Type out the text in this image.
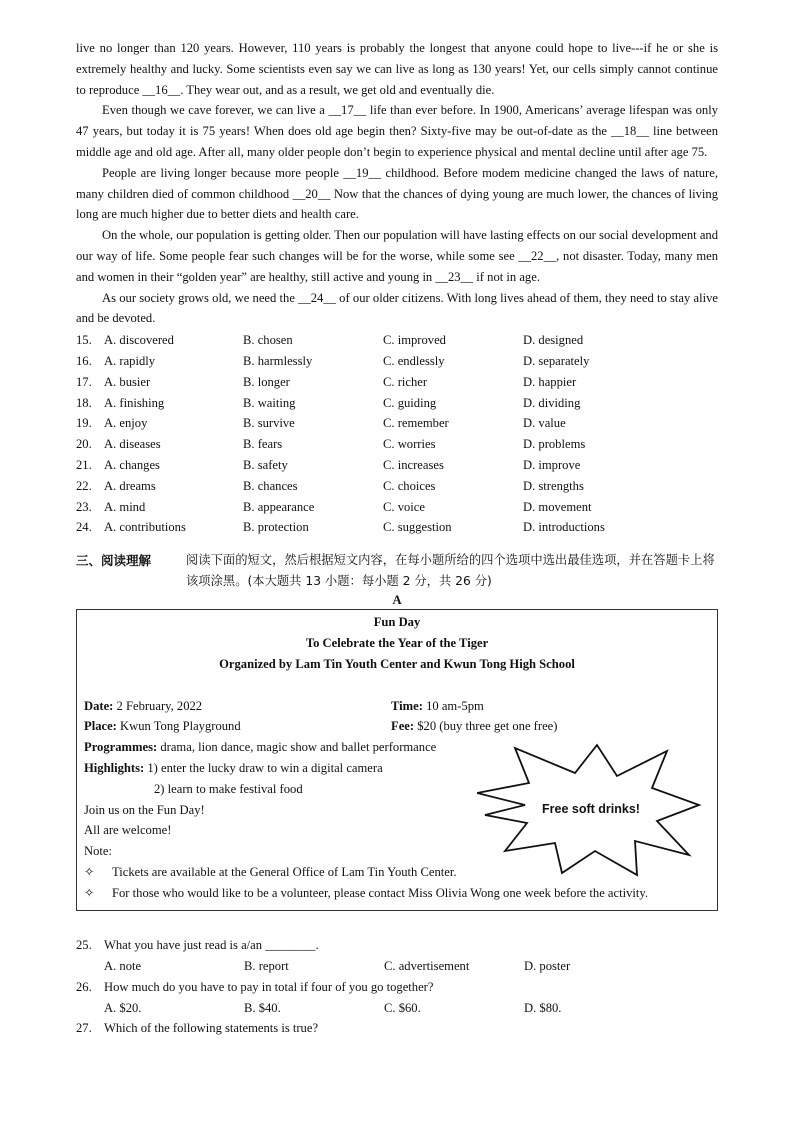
live no longer than 120 years. However, 110 years is probably the longest that anyone could hope to live---if he or she is extremely healthy and lucky. Some scientists even say we can live as long as 130 years! Yet, our cells simply cannot continue to reproduce __16__. They wear out, and as a result, we get old and eventually die.

Even though we cave forever, we can live a __17__ life than ever before. In 1900, Americans’ average lifespan was only 47 years, but today it is 75 years! When does old age begin then? Sixty-five may be out-of-date as the __18__ line between middle age and old age. After all, many older people don’t begin to experience physical and mental decline until after age 75.

People are living longer because more people __19__ childhood. Before modem medicine changed the laws of nature, many children died of common childhood __20__ Now that the chances of dying young are much lower, the chances of living long are much higher due to better diets and health care.

On the whole, our population is getting older. Then our population will have lasting effects on our social development and our way of life. Some people fear such changes will be for the worse, while some see __22__, not disaster. Today, many men and women in their “golden year” are healthy, still active and young in __23__ if not in age.

As our society grows old, we need the __24__ of our older citizens. With long lives ahead of them, they need to stay alive and be devoted.

15. A. discovered	B. chosen	C. improved	D. designed
16. A. rapidly	B. harmlessly	C. endlessly	D. separately
17. A. busier	B. longer	C. richer	D. happier
18. A. finishing	B. waiting	C. guiding	D. dividing
19. A. enjoy	B. survive	C. remember	D. value
20. A. diseases	B. fears	C. worries	D. problems
21. A. changes	B. safety	C. increases	D. improve
22. A. dreams	B. chances	C. choices	D. strengths
23. A. mind	B. appearance	C. voice	D. movement
24. A. contributions	B. protection	C. suggestion	D. introductions
三、阅读理解	阅读下面的短文，然后根据短文内容，在每小题所给的四个选项中选出最佳选项，并在答题卡上将该项涂黑。(本大题共 13 小题：每小题 2 分，共 26 分)
A
Fun Day
To Celebrate the Year of the Tiger
Organized by Lam Tin Youth Center and Kwun Tong High School
Date: 2 February, 2022	Time: 10 am-5pm
Place: Kwun Tong Playground	Fee: $20 (buy three get one free)
Programmes: drama, lion dance, magic show and ballet performance
Highlights: 1) enter the lucky draw to win a digital camera
2) learn to make festival food
Join us on the Fun Day!
All are welcome!
Note:
✧ Tickets are available at the General Office of Lam Tin Youth Center.
✧ For those who would like to be a volunteer, please contact Miss Olivia Wong one week before the activity.
Free soft drinks!
25. What you have just read is a/an ________.
A. note	B. report	C. advertisement	D. poster
26. How much do you have to pay in total if four of you go together?
A. $20.	B. $40.	C. $60.	D. $80.
27. Which of the following statements is true?
